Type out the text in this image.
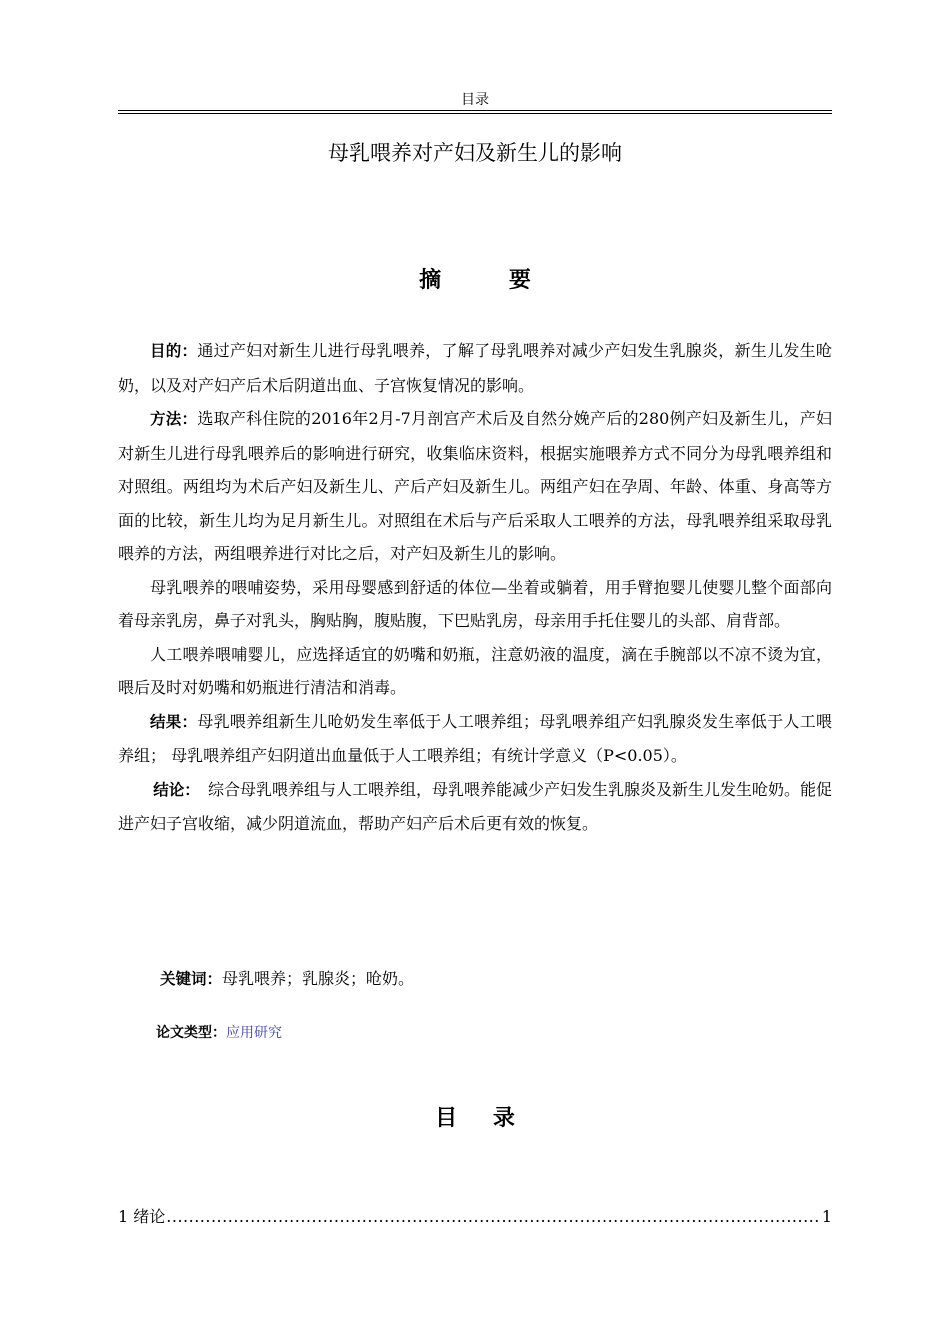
目录
母乳喂养对产妇及新生儿的影响
摘 要

目的：通过产妇对新生儿进行母乳喂养，了解了母乳喂养对减少产妇发生乳腺炎，新生儿发生呛奶，以及对产妇产后术后阴道出血、子宫恢复情况的影响。

方法：选取产科住院的2016年2月-7月剖宫产术后及自然分娩产后的280例产妇及新生儿，产妇对新生儿进行母乳喂养后的影响进行研究，收集临床资料，根据实施喂养方式不同分为母乳喂养组和对照组。两组均为术后产妇及新生儿、产后产妇及新生儿。两组产妇在孕周、年龄、体重、身高等方面的比较，新生儿均为足月新生儿。对照组在术后与产后采取人工喂养的方法，母乳喂养组采取母乳喂养的方法，两组喂养进行对比之后，对产妇及新生儿的影响。

母乳喂养的喂哺姿势，采用母婴感到舒适的体位—坐着或躺着，用手臂抱婴儿使婴儿整个面部向着母亲乳房，鼻子对乳头，胸贴胸，腹贴腹，下巴贴乳房，母亲用手托住婴儿的头部、肩背部。

人工喂养喂哺婴儿，应选择适宜的奶嘴和奶瓶，注意奶液的温度，滴在手腕部以不凉不烫为宜，喂后及时对奶嘴和奶瓶进行清洁和消毒。

结果：母乳喂养组新生儿呛奶发生率低于人工喂养组；母乳喂养组产妇乳腺炎发生率低于人工喂养组； 母乳喂养组产妇阴道出血量低于人工喂养组；有统计学意义（P<0.05）。

结论：　综合母乳喂养组与人工喂养组，母乳喂养能减少产妇发生乳腺炎及新生儿发生呛奶。能促进产妇子宫收缩，减少阴道流血，帮助产妇产后术后更有效的恢复。

关键词：母乳喂养；乳腺炎；呛奶。
论文类型：应用研究
目 录
1 绪论
.....	1
